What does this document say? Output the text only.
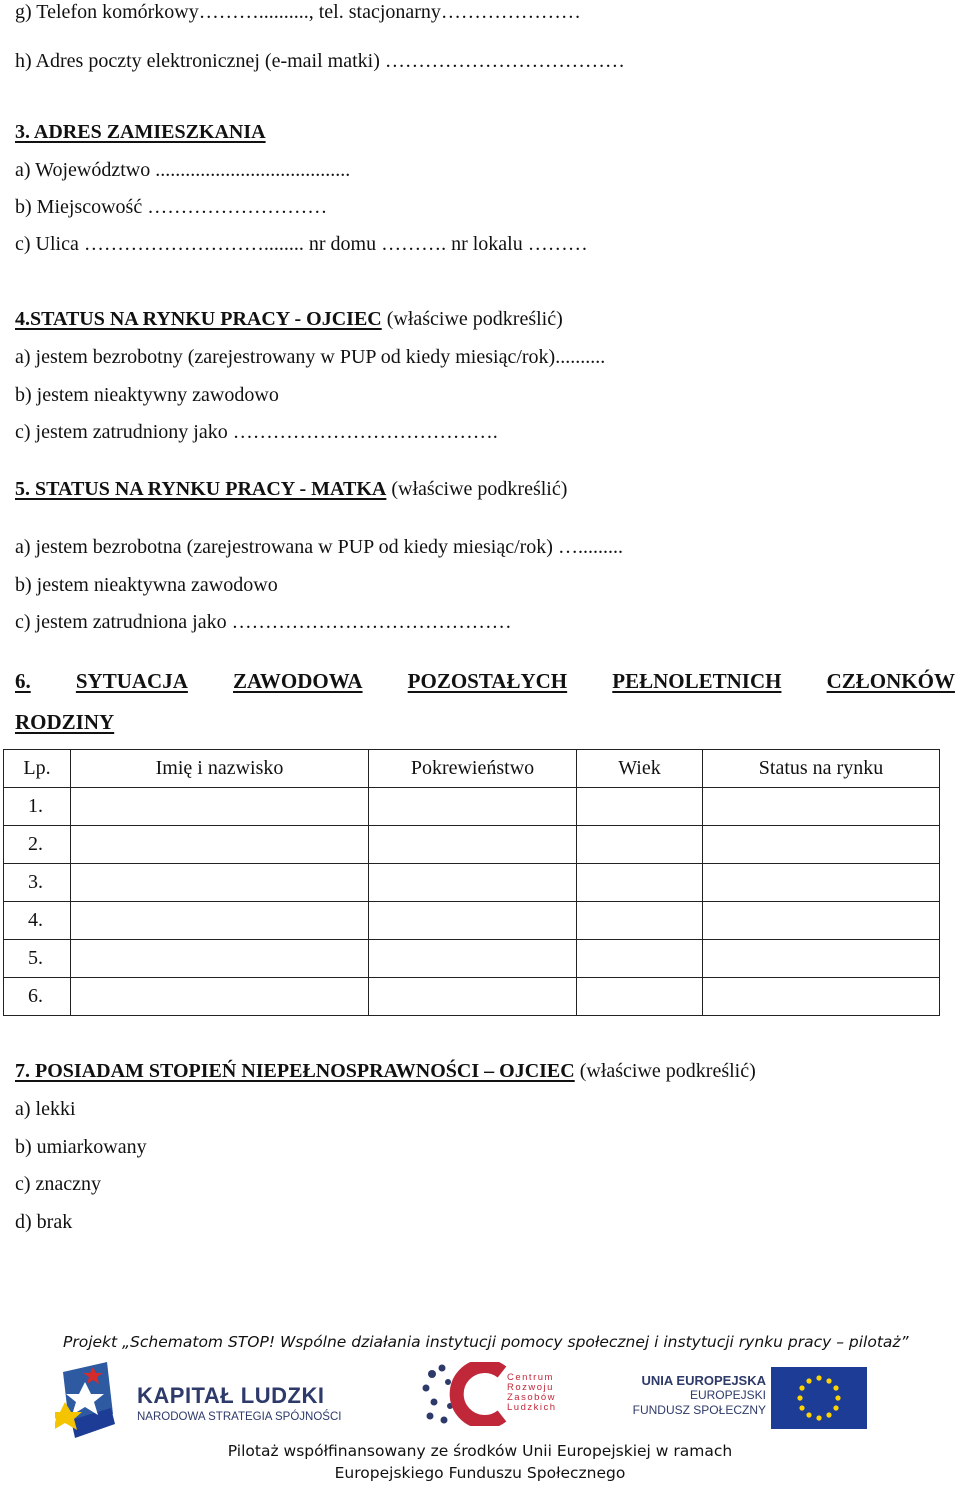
g) Telefon komórkowy……….........., tel. stacjonarny…………………
h) Adres poczty elektronicznej (e-mail matki) ………………………………
3. ADRES ZAMIESZKANIA
a) Województwo .......................................
b) Miejscowość ………………………
c) Ulica ………………………........ nr domu ………. nr lokalu ………
4.STATUS NA RYNKU PRACY - OJCIEC (właściwe podkreślić)
a) jestem bezrobotny (zarejestrowany w PUP od kiedy miesiąc/rok)..........
b) jestem nieaktywny zawodowo
c) jestem zatrudniony jako ………………………………….
5. STATUS NA RYNKU PRACY - MATKA (właściwe podkreślić)
a) jestem bezrobotna (zarejestrowana w PUP od kiedy miesiąc/rok) ….........
b) jestem nieaktywna zawodowo
c) jestem zatrudniona jako ……………………………………
6. SYTUACJA ZAWODOWA POZOSTAŁYCH PEŁNOLETNICH CZŁONKÓW
RODZINY
Lp.	Imię i nazwisko	Pokrewieństwo	Wiek	Status na rynku
1.				
2.				
3.				
4.				
5.				
6.				
7. POSIADAM STOPIEŃ NIEPEŁNOSPRAWNOŚCI – OJCIEC (właściwe podkreślić)
a) lekki
b) umiarkowany
c) znaczny
d) brak
Projekt „Schematom STOP! Wspólne działania instytucji pomocy społecznej i instytucji rynku pracy – pilotaż”
KAPITAŁ LUDZKI
NARODOWA STRATEGIA SPÓJNOŚCI
Centrum
Rozwoju
Zasobów
Ludzkich
UNIA EUROPEJSKA
EUROPEJSKI
FUNDUSZ SPOŁECZNY
Pilotaż współfinansowany ze środków Unii Europejskiej w ramach
Europejskiego Funduszu Społecznego
